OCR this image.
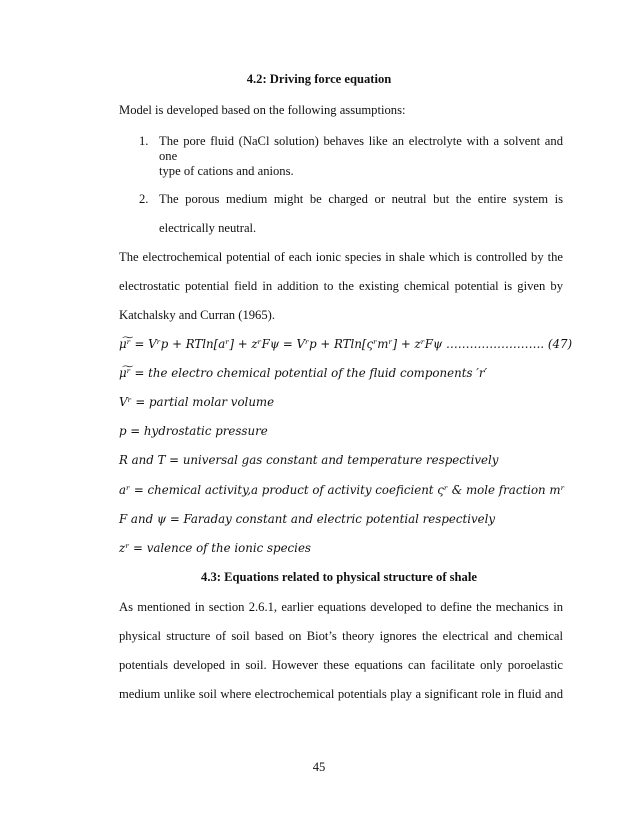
4.2: Driving force equation
Model is developed based on the following assumptions:
1. The pore fluid (NaCl solution) behaves like an electrolyte with a solvent and one
type of cations and anions.
2. The porous medium might be charged or neutral but the entire system is
electrically neutral.
The electrochemical potential of each ionic species in shale which is controlled by the
electrostatic potential field in addition to the existing chemical potential is given by
Katchalsky and Curran (1965).
μ͠ʳ = Vʳp + RTln[aʳ] + zʳFψ = Vʳp + RTln[ςʳmʳ] + zʳFψ ……………………. (47)
μ͠ʳ = the electro chemical potential of the fluid components ′r′
Vʳ = partial molar volume
p = hydrostatic pressure
R and T = universal gas constant and temperature respectively
aʳ = chemical activity,a product of activity coeficient ςʳ & mole fraction mʳ
F and ψ = Faraday constant and electric potential respectively
zʳ = valence of the ionic species
4.3: Equations related to physical structure of shale
As mentioned in section 2.6.1, earlier equations developed to define the mechanics in
physical structure of soil based on Biot’s theory ignores the electrical and chemical
potentials developed in soil. However these equations can facilitate only poroelastic
medium unlike soil where electrochemical potentials play a significant role in fluid and
45
